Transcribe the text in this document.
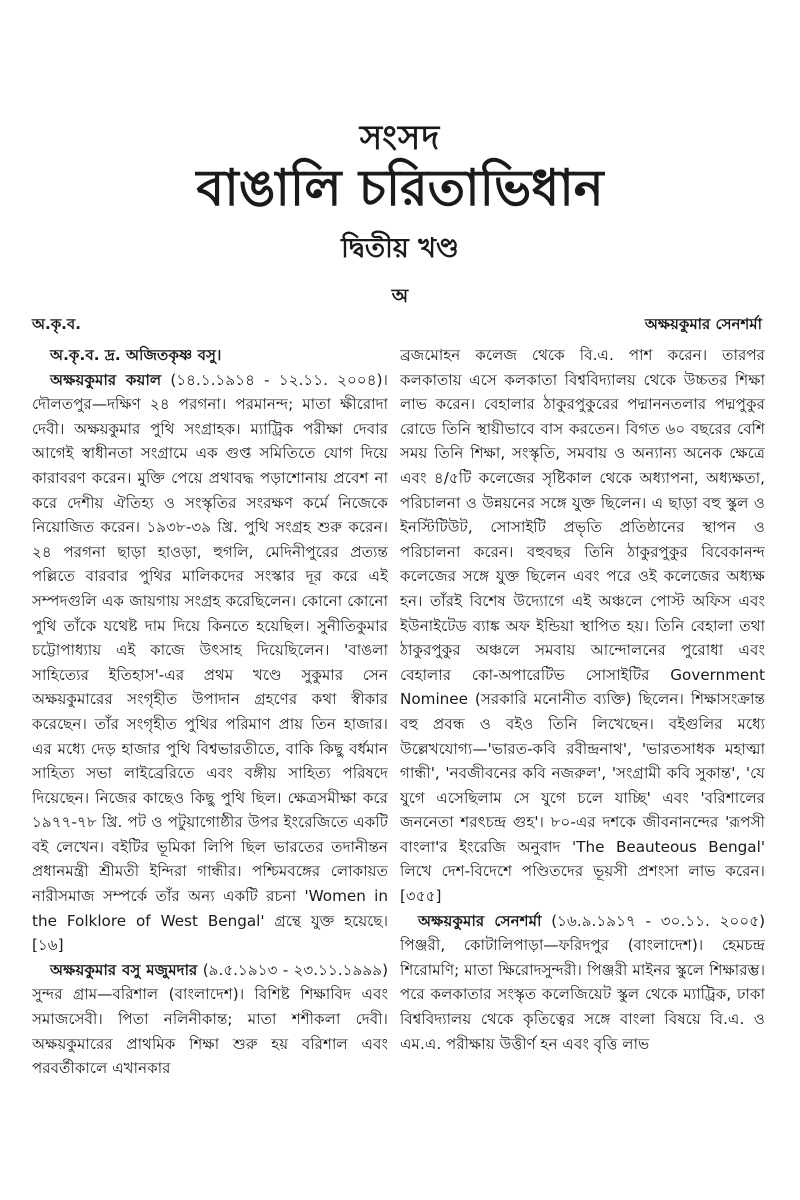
সংসদ
বাঙালি চরিতাভিধান
দ্বিতীয় খণ্ড
অ
অ.কৃ.ব.	অক্ষয়কুমার সেনশর্মা

অ.কৃ.ব. দ্র. অজিতকৃষ্ণ বসু।

অক্ষয়কুমার কয়াল (১৪.১.১৯১৪ - ১২.১১. ২০০৪)। দৌলতপুর—দক্ষিণ ২৪ পরগনা। পরমানন্দ; মাতা ক্ষীরোদা দেবী। অক্ষয়কুমার পুথি সংগ্রাহক। ম্যাট্রিক পরীক্ষা দেবার আগেই স্বাধীনতা সংগ্রামে এক গুপ্ত সমিতিতে যোগ দিয়ে কারাবরণ করেন। মুক্তি পেয়ে প্রথাবদ্ধ পড়াশোনায় প্রবেশ না করে দেশীয় ঐতিহ্য ও সংস্কৃতির সংরক্ষণ কর্মে নিজেকে নিয়োজিত করেন। ১৯৩৮-৩৯ খ্রি. পুথি সংগ্রহ শুরু করেন। ২৪ পরগনা ছাড়া হাওড়া, হুগলি, মেদিনীপুরের প্রত্যন্ত পল্লিতে বারবার পুথির মালিকদের সংস্কার দূর করে এই সম্পদগুলি এক জায়গায় সংগ্রহ করেছিলেন। কোনো কোনো পুথি তাঁকে যথেষ্ট দাম দিয়ে কিনতে হয়েছিল। সুনীতিকুমার চট্টোপাধ্যায় এই কাজে উৎসাহ দিয়েছিলেন। 'বাঙলা সাহিত্যের ইতিহাস'-এর প্রথম খণ্ডে সুকুমার সেন অক্ষয়কুমারের সংগৃহীত উপাদান গ্রহণের কথা স্বীকার করেছেন। তাঁর সংগৃহীত পুথির পরিমাণ প্রায় তিন হাজার। এর মধ্যে দেড় হাজার পুথি বিশ্বভারতীতে, বাকি কিছু বর্ধমান সাহিত্য সভা লাইব্রেরিতে এবং বঙ্গীয় সাহিত্য পরিষদে দিয়েছেন। নিজের কাছেও কিছু পুথি ছিল। ক্ষেত্রসমীক্ষা করে ১৯৭৭-৭৮ খ্রি. পট ও পটুয়াগোষ্ঠীর উপর ইংরেজিতে একটি বই লেখেন। বইটির ভূমিকা লিপি ছিল ভারতের তদানীন্তন প্রধানমন্ত্রী শ্রীমতী ইন্দিরা গান্ধীর। পশ্চিমবঙ্গের লোকায়ত নারীসমাজ সম্পর্কে তাঁর অন্য একটি রচনা 'Women in the Folklore of West Bengal' গ্রন্থে যুক্ত হয়েছে। [১৬]

অক্ষয়কুমার বসু মজুমদার (৯.৫.১৯১৩ - ২৩.১১.১৯৯৯) সুন্দর গ্রাম—বরিশাল (বাংলাদেশ)। বিশিষ্ট শিক্ষাবিদ এবং সমাজসেবী। পিতা নলিনীকান্ত; মাতা শশীকলা দেবী। অক্ষয়কুমারের প্রাথমিক শিক্ষা শুরু হয় বরিশাল এবং পরবর্তীকালে এখানকার

ব্রজমোহন কলেজ থেকে বি.এ. পাশ করেন। তারপর কলকাতায় এসে কলকাতা বিশ্ববিদ্যালয় থেকে উচ্চতর শিক্ষা লাভ করেন। বেহালার ঠাকুরপুকুরের পদ্মাননতলার পদ্মপুকুর রোডে তিনি স্থায়ীভাবে বাস করতেন। বিগত ৬০ বছরের বেশি সময় তিনি শিক্ষা, সংস্কৃতি, সমবায় ও অন্যান্য অনেক ক্ষেত্রে এবং ৪/৫টি কলেজের সৃষ্টিকাল থেকে অধ্যাপনা, অধ্যক্ষতা, পরিচালনা ও উন্নয়নের সঙ্গে যুক্ত ছিলেন। এ ছাড়া বহু স্কুল ও ইনস্টিটিউট, সোসাইটি প্রভৃতি প্রতিষ্ঠানের স্থাপন ও পরিচালনা করেন। বহুবছর তিনি ঠাকুরপুকুর বিবেকানন্দ কলেজের সঙ্গে যুক্ত ছিলেন এবং পরে ওই কলেজের অধ্যক্ষ হন। তাঁরই বিশেষ উদ্যোগে এই অঞ্চলে পোস্ট অফিস এবং ইউনাইটেড ব্যাঙ্ক অফ ইন্ডিয়া স্থাপিত হয়। তিনি বেহালা তথা ঠাকুরপুকুর অঞ্চলে সমবায় আন্দোলনের পুরোধা এবং বেহালার কো-অপারেটিভ সোসাইটির Government Nominee (সরকারি মনোনীত ব্যক্তি) ছিলেন। শিক্ষাসংক্রান্ত বহু প্রবন্ধ ও বইও তিনি লিখেছেন। বইগুলির মধ্যে উল্লেখযোগ্য—'ভারত-কবি রবীন্দ্রনাথ', 'ভারতসাধক মহাত্মা গান্ধী', 'নবজীবনের কবি নজরুল', 'সংগ্রামী কবি সুকান্ত', 'যে যুগে এসেছিলাম সে যুগে চলে যাচ্ছি' এবং 'বরিশালের জননেতা শরৎচন্দ্র গুহ'। ৮০-এর দশকে জীবনানন্দের 'রূপসী বাংলা'র ইংরেজি অনুবাদ 'The Beauteous Bengal' লিখে দেশ-বিদেশে পণ্ডিতদের ভূয়সী প্রশংসা লাভ করেন। [৩৫৫]

অক্ষয়কুমার সেনশর্মা (১৬.৯.১৯১৭ - ৩০.১১. ২০০৫) পিঞ্জরী, কোটালিপাড়া—ফরিদপুর (বাংলাদেশ)। হেমচন্দ্র শিরোমণি; মাতা ক্ষিরোদসুন্দরী। পিঞ্জরী মাইনর স্কুলে শিক্ষারম্ভ। পরে কলকাতার সংস্কৃত কলেজিয়েট স্কুল থেকে ম্যাট্রিক, ঢাকা বিশ্ববিদ্যালয় থেকে কৃতিত্বের সঙ্গে বাংলা বিষয়ে বি.এ. ও এম.এ. পরীক্ষায় উত্তীর্ণ হন এবং বৃত্তি লাভ
